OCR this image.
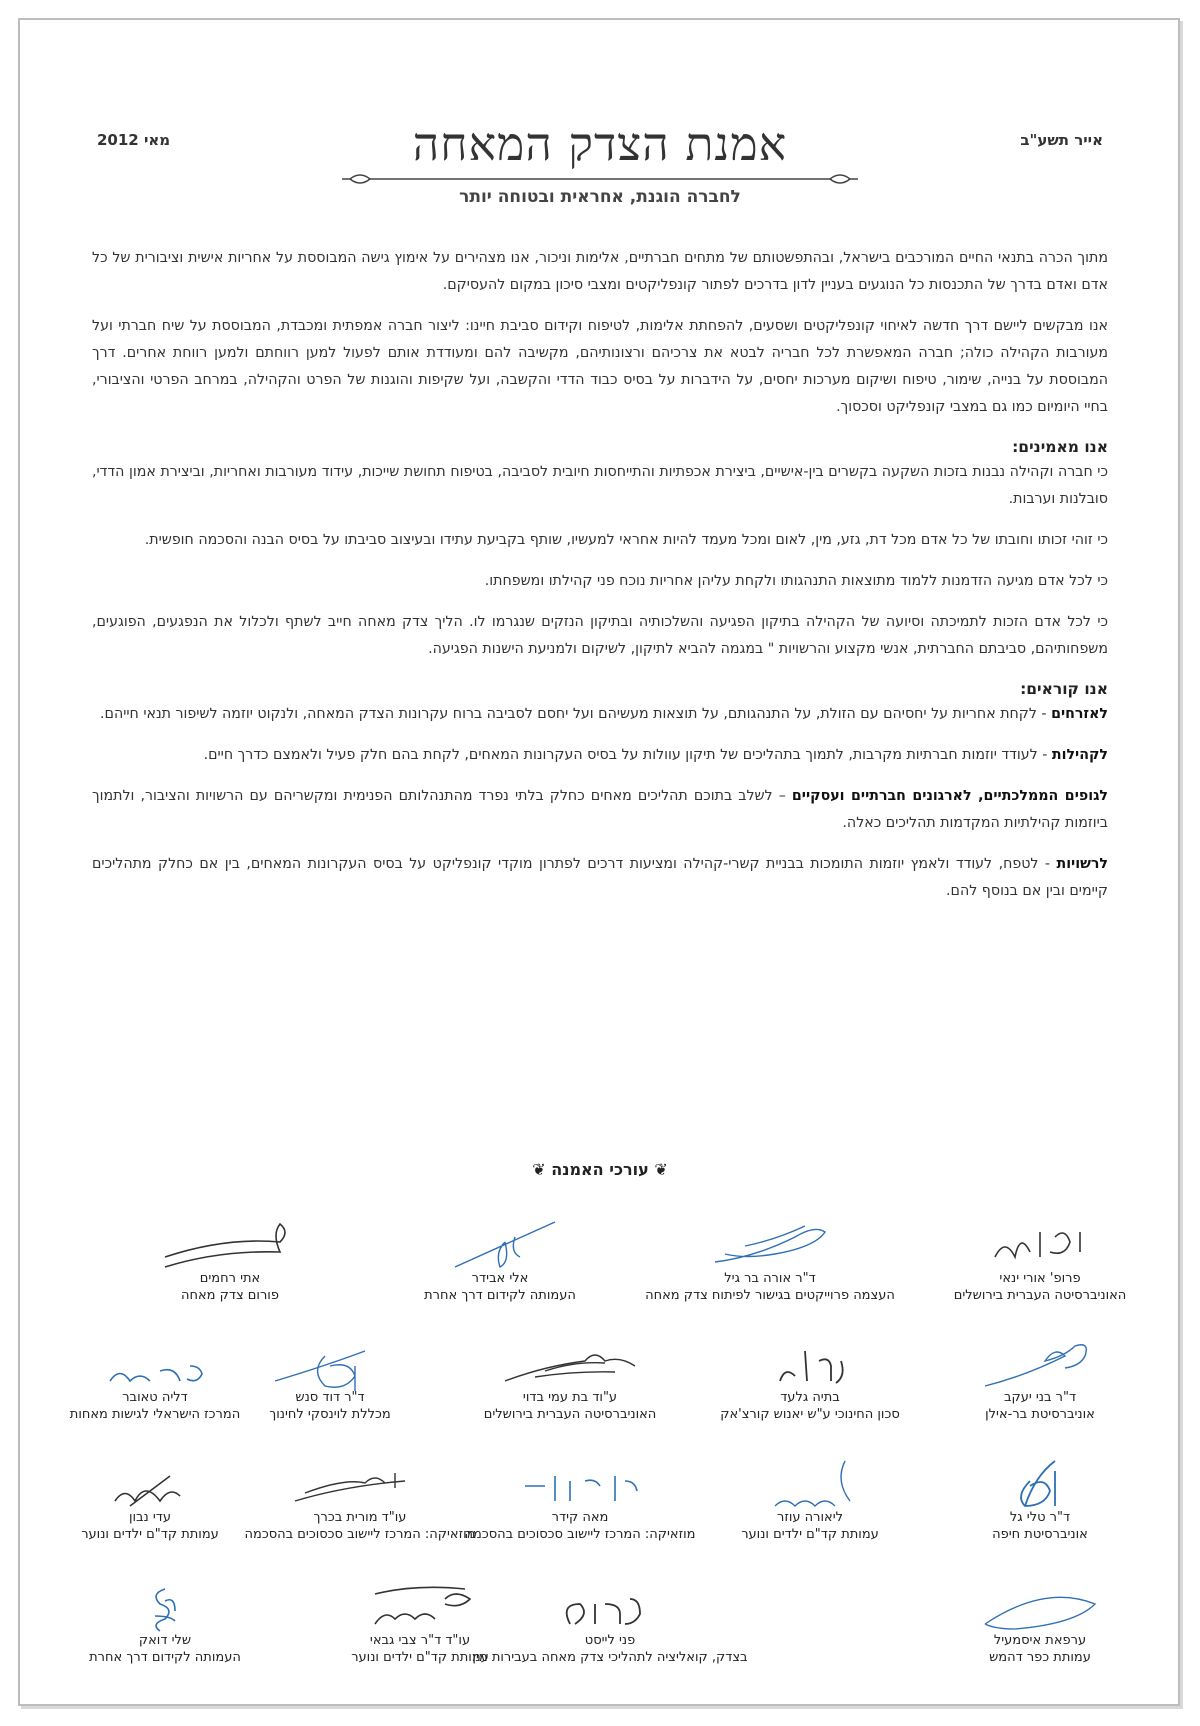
אייר תשע"ב
מאי 2012	אמנת הצדק המאחה
לחברה הוגנת, אחראית ובטוחה יותר

מתוך הכרה בתנאי החיים המורכבים בישראל, ובהתפשטותם של מתחים חברתיים, אלימות וניכור, אנו מצהירים על אימוץ גישה המבוססת על אחריות אישית וציבורית של כל אדם ואדם בדרך של התכנסות כל הנוגעים בעניין לדון בדרכים לפתור קונפליקטים ומצבי סיכון במקום להעסיקם.

אנו מבקשים ליישם דרך חדשה לאיחוי קונפליקטים ושסעים, להפחתת אלימות, לטיפוח וקידום סביבת חיינו: ליצור חברה אמפתית ומכבדת, המבוססת על שיח חברתי ועל מעורבות הקהילה כולה; חברה המאפשרת לכל חבריה לבטא את צרכיהם ורצונותיהם, מקשיבה להם ומעודדת אותם לפעול למען רווחתם ולמען רווחת אחרים. דרך המבוססת על בנייה, שימור, טיפוח ושיקום מערכות יחסים, על הידברות על בסיס כבוד הדדי והקשבה, ועל שקיפות והוגנות של הפרט והקהילה, במרחב הפרטי והציבורי, בחיי היומיום כמו גם במצבי קונפליקט וסכסוך.

אנו מאמינים:

כי חברה וקהילה נבנות בזכות השקעה בקשרים בין-אישיים, ביצירת אכפתיות והתייחסות חיובית לסביבה, בטיפוח תחושת שייכות, עידוד מעורבות ואחריות, וביצירת אמון הדדי, סובלנות וערבות.

כי זוהי זכותו וחובתו של כל אדם מכל דת, גזע, מין, לאום ומכל מעמד להיות אחראי למעשיו, שותף בקביעת עתידו ובעיצוב סביבתו על בסיס הבנה והסכמה חופשית.

כי לכל אדם מגיעה הזדמנות ללמוד מתוצאות התנהגותו ולקחת עליהן אחריות נוכח פני קהילתו ומשפחתו.

כי לכל אדם הזכות לתמיכתה וסיועה של הקהילה בתיקון הפגיעה והשלכותיה ובתיקון הנזקים שנגרמו לו. הליך צדק מאחה חייב לשתף ולכלול את הנפגעים, הפוגעים, משפחותיהם, סביבתם החברתית, אנשי מקצוע והרשויות " במגמה להביא לתיקון, לשיקום ולמניעת הישנות הפגיעה.

אנו קוראים:

לאזרחים - לקחת אחריות על יחסיהם עם הזולת, על התנהגותם, על תוצאות מעשיהם ועל יחסם לסביבה ברוח עקרונות הצדק המאחה, ולנקוט יוזמה לשיפור תנאי חייהם.

לקהילות - לעודד יוזמות חברתיות מקרבות, לתמוך בתהליכים של תיקון עוולות על בסיס העקרונות המאחים, לקחת בהם חלק פעיל ולאמצם כדרך חיים.

לגופים הממלכתיים, לארגונים חברתיים ועסקיים – לשלב בתוכם תהליכים מאחים כחלק בלתי נפרד מהתנהלותם הפנימית ומקשריהם עם הרשויות והציבור, ולתמוך ביוזמות קהילתיות המקדמות תהליכים כאלה.

לרשויות - לטפח, לעודד ולאמץ יוזמות התומכות בבניית קשרי-קהילה ומציעות דרכים לפתרון מוקדי קונפליקט על בסיס העקרונות המאחים, בין אם כחלק מתהליכים קיימים ובין אם בנוסף להם.

❦ עורכי האמנה ❦
פרופ' אורי ינאי
האוניברסיטה העברית בירושלים
ד"ר אורה בר גיל
העצמה פרוייקטים בגישור לפיתוח צדק מאחה
אלי אבידר
העמותה לקידום דרך אחרת
אתי רחמים
פורום צדק מאחה
ד"ר בני יעקב
אוניברסיטת בר-אילן
בתיה גלעד
סכון החינוכי ע"ש יאנוש קורצ'אק
ע"וד בת עמי בדוי
האוניברסיטה העברית בירושלים
ד"ר דוד סנש
מכללת לוינסקי לחינוך
דליה טאובר
המרכז הישראלי לגישות מאחות
ד"ר טלי גל
אוניברסיטת חיפה
ליאורה עוזר
עמותת קד"ם ילדים ונוער
מאה קידר
מוזאיקה: המרכז ליישוב סכסוכים בהסכמה
עו"ד מורית בכרך
מוזאיקה: המרכז ליישוב סכסוכים בהסכמה
עדי נבון
עמותת קד"ם ילדים ונוער
ערפאת איסמעיל
עמותת כפר דהמש
פני לייסט
בצדק, קואליציה לתהליכי צדק מאחה בעבירות מין
עו"ד ד"ר צבי גבאי
עמותת קד"ם ילדים ונוער
שלי דואק
העמותה לקידום דרך אחרת
